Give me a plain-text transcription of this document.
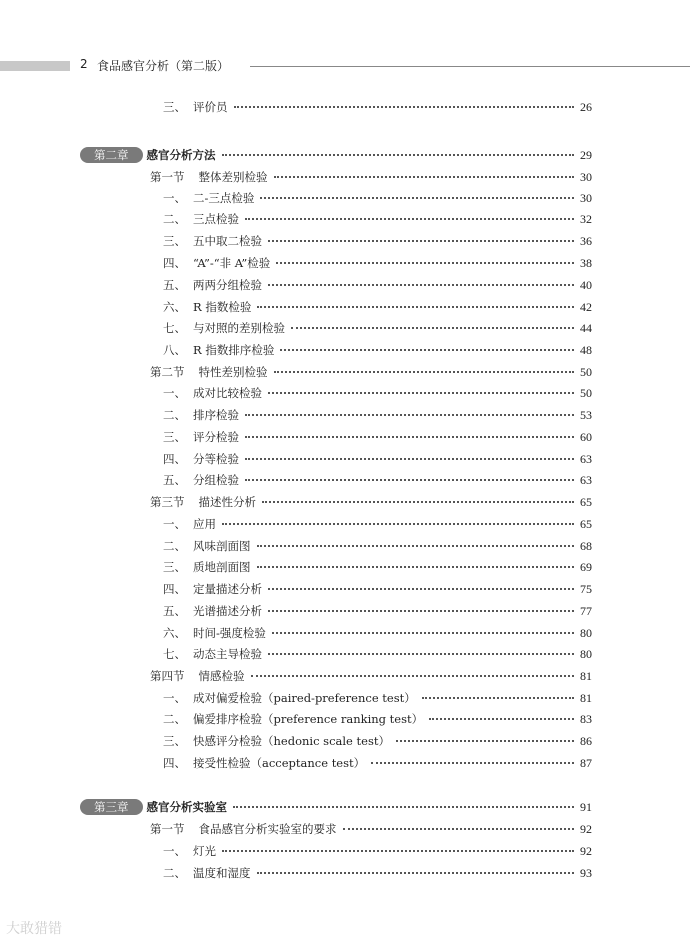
2 食品感官分析（第二版）
三、 评价员	26
第二章 感官分析方法	29
第一节 整体差别检验	30
一、 二-三点检验	30
二、 三点检验	32
三、 五中取二检验	36
四、 “A”-“非 A”检验	38
五、 两两分组检验	40
六、 R 指数检验	42
七、 与对照的差别检验	44
八、 R 指数排序检验	48
第二节 特性差别检验	50
一、 成对比较检验	50
二、 排序检验	53
三、 评分检验	60
四、 分等检验	63
五、 分组检验	63
第三节 描述性分析	65
一、 应用	65
二、 风味剖面图	68
三、 质地剖面图	69
四、 定量描述分析	75
五、 光谱描述分析	77
六、 时间-强度检验	80
七、 动态主导检验	80
第四节 情感检验	81
一、 成对偏爱检验（paired-preference test）	81
二、 偏爱排序检验（preference ranking test）	83
三、 快感评分检验（hedonic scale test）	86
四、 接受性检验（acceptance test）	87
第三章 感官分析实验室	91
第一节 食品感官分析实验室的要求	92
一、 灯光	92
二、 温度和湿度	93
大敢猎错
